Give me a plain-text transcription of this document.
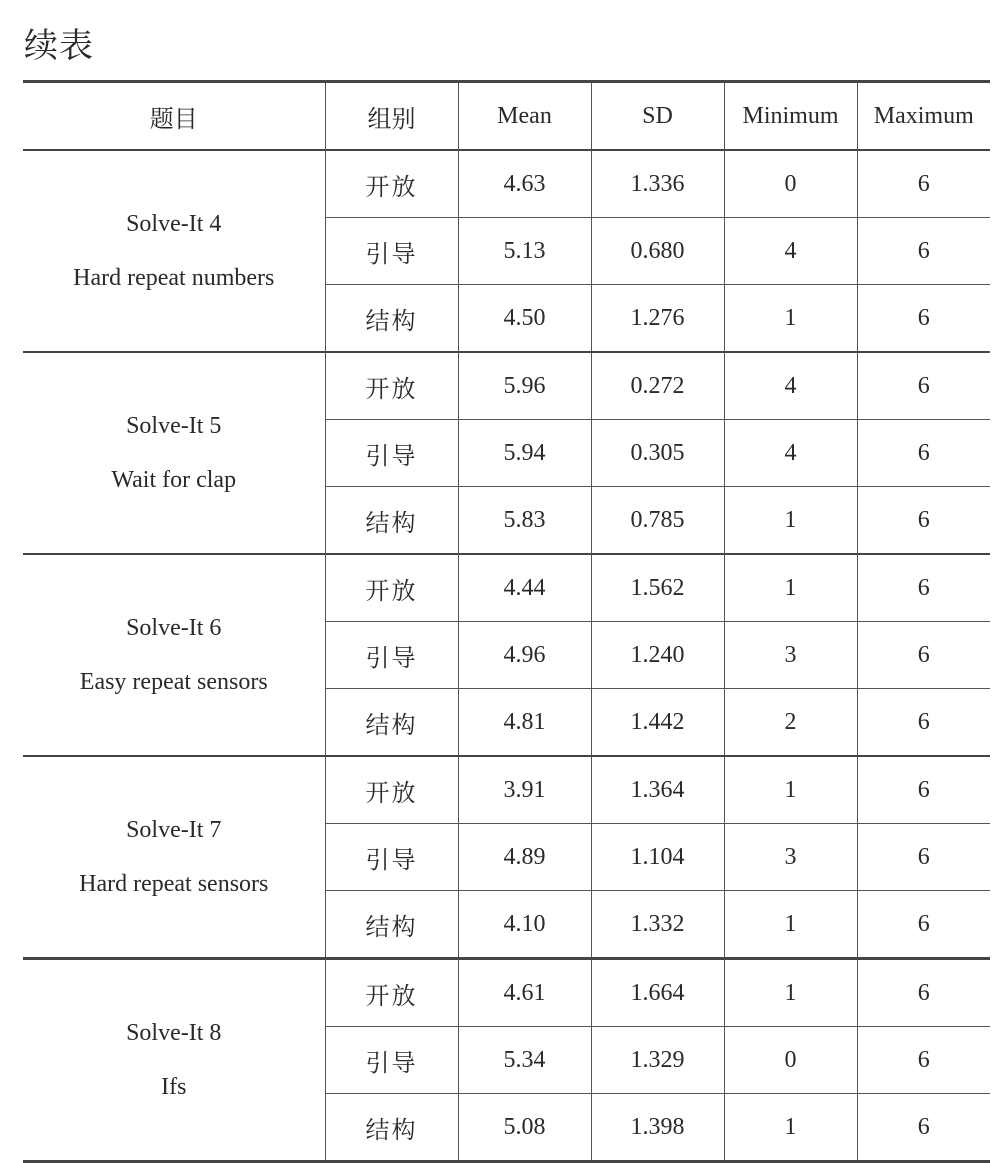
续表
题目	组别	Mean	SD	Minimum	Maximum

Solve-It 4
Hard repeat numbers	开放	4.63	1.336	0	6
	引导	5.13	0.680	4	6
	结构	4.50	1.276	1	6

Solve-It 5
Wait for clap	开放	5.96	0.272	4	6
	引导	5.94	0.305	4	6
	结构	5.83	0.785	1	6

Solve-It 6
Easy repeat sensors	开放	4.44	1.562	1	6
	引导	4.96	1.240	3	6
	结构	4.81	1.442	2	6

Solve-It 7
Hard repeat sensors	开放	3.91	1.364	1	6
	引导	4.89	1.104	3	6
	结构	4.10	1.332	1	6

Solve-It 8
Ifs	开放	4.61	1.664	1	6
	引导	5.34	1.329	0	6
	结构	5.08	1.398	1	6
